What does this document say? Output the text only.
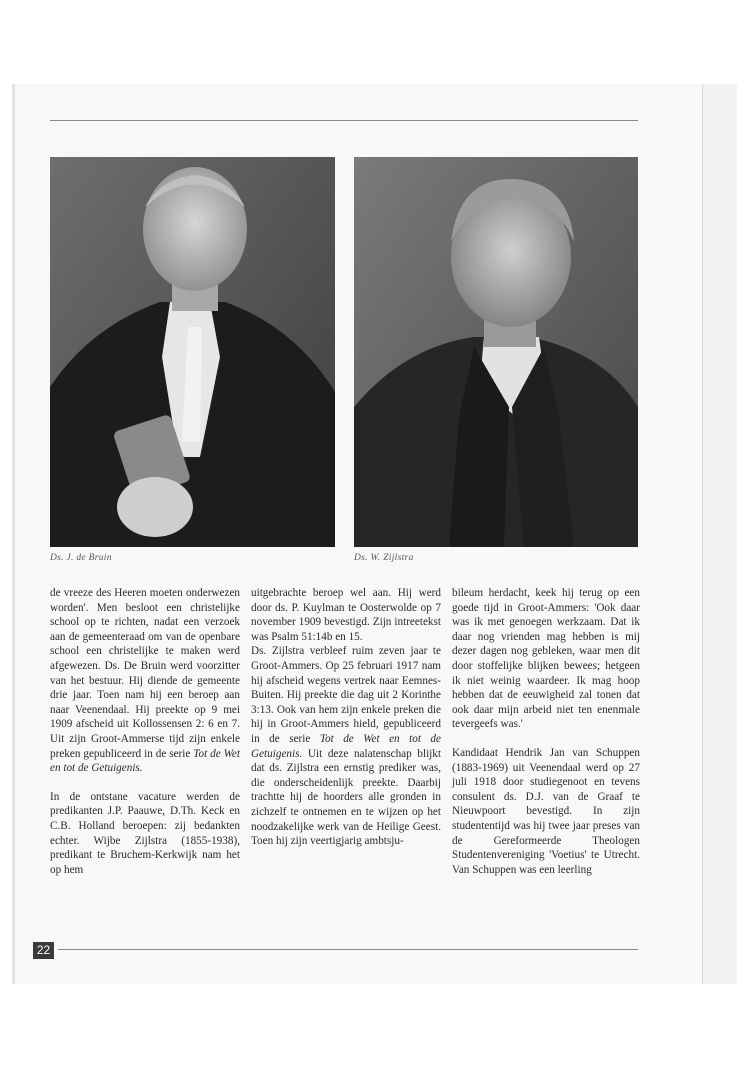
Ds. J. de Bruin	Ds. W. Zijlstra

de vreeze des Heeren moeten onderwezen worden'. Men besloot een christelijke school op te richten, nadat een verzoek aan de gemeenteraad om van de openbare school een christelijke te maken werd afgewezen. Ds. De Bruin werd voorzitter van het bestuur. Hij diende de gemeente drie jaar. Toen nam hij een beroep aan naar Veenendaal. Hij preekte op 9 mei 1909 afscheid uit Kollossensen 2: 6 en 7. Uit zijn Groot-Ammerse tijd zijn enkele preken gepubliceerd in de serie Tot de Wet en tot de Getuigenis.

In de ontstane vacature werden de predikanten J.P. Paauwe, D.Th. Keck en C.B. Holland beroepen: zij bedankten echter. Wijbe Zijlstra (1855-1938), predikant te Bruchem-Kerkwijk nam het op hem

uitgebrachte beroep wel aan. Hij werd door ds. P. Kuylman te Oosterwolde op 7 november 1909 bevestigd. Zijn intreetekst was Psalm 51:14b en 15.

Ds. Zijlstra verbleef ruim zeven jaar te Groot-Ammers. Op 25 februari 1917 nam hij afscheid wegens vertrek naar Eemnes-Buiten. Hij preekte die dag uit 2 Korinthe 3:13. Ook van hem zijn enkele preken die hij in Groot-Ammers hield, gepubliceerd in de serie Tot de Wet en tot de Getuigenis. Uit deze nalatenschap blijkt dat ds. Zijlstra een ernstig prediker was, die onderscheidenlijk preekte. Daarbij trachtte hij de hoorders alle gronden in zichzelf te ontnemen en te wijzen op het noodzakelijke werk van de Heilige Geest. Toen hij zijn veertigjarig ambtsju-

bileum herdacht, keek hij terug op een goede tijd in Groot-Ammers: 'Ook daar was ik met genoegen werkzaam. Dat ik daar nog vrienden mag hebben is mij dezer dagen nog gebleken, waar men dit door stoffelijke blijken bewees; hetgeen ik niet weinig waardeer. Ik mag hoop hebben dat de eeuwigheid zal tonen dat ook daar mijn arbeid niet ten enenmale tevergeefs was.'

Kandidaat Hendrik Jan van Schuppen (1883-1969) uit Veenendaal werd op 27 juli 1918 door studiegenoot en tevens consulent ds. D.J. van de Graaf te Nieuwpoort bevestigd. In zijn studententijd was hij twee jaar preses van de Gereformeerde Theologen Studentenvereniging 'Voetius' te Utrecht. Van Schuppen was een leerling

22
